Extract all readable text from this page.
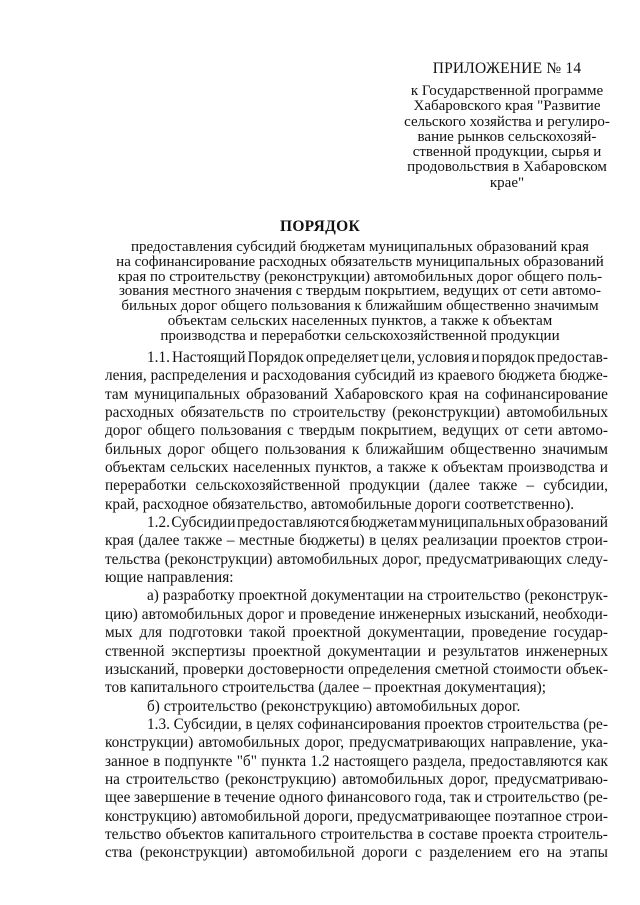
ПРИЛОЖЕНИЕ № 14

к Государственной программе

Хабаровского края "Развитие

сельского хозяйства и регулиро-

вание рынков сельскохозяй-

ственной продукции, сырья и

продовольствия в Хабаровском

крае"

ПОРЯДОК

предоставления субсидий бюджетам муниципальных образований края

на софинансирование расходных обязательств муниципальных образований

края по строительству (реконструкции) автомобильных дорог общего поль-

зования местного значения с твердым покрытием, ведущих от сети автомо-

бильных дорог общего пользования к ближайшим общественно значимым

объектам сельских населенных пунктов, а также к объектам

производства и переработки сельскохозяйственной продукции

1.1. Настоящий Порядок определяет цели, условия и порядок предостав-

ления, распределения и расходования субсидий из краевого бюджета бюдже-

там муниципальных образований Хабаровского края на софинансирование

расходных обязательств по строительству (реконструкции) автомобильных

дорог общего пользования с твердым покрытием, ведущих от сети автомо-

бильных дорог общего пользования к ближайшим общественно значимым

объектам сельских населенных пунктов, а также к объектам производства и

переработки сельскохозяйственной продукции (далее также – субсидии,

край, расходное обязательство, автомобильные дороги соответственно).

1.2. Субсидии предоставляются бюджетам муниципальных образований

края (далее также – местные бюджеты) в целях реализации проектов строи-

тельства (реконструкции) автомобильных дорог, предусматривающих следу-

ющие направления:

а) разработку проектной документации на строительство (реконструк-

цию) автомобильных дорог и проведение инженерных изысканий, необходи-

мых для подготовки такой проектной документации, проведение государ-

ственной экспертизы проектной документации и результатов инженерных

изысканий, проверки достоверности определения сметной стоимости объек-

тов капитального строительства (далее – проектная документация);

б) строительство (реконструкцию) автомобильных дорог.

1.3. Субсидии, в целях софинансирования проектов строительства (ре-

конструкции) автомобильных дорог, предусматривающих направление, ука-

занное в подпункте "б" пункта 1.2 настоящего раздела, предоставляются как

на строительство (реконструкцию) автомобильных дорог, предусматриваю-

щее завершение в течение одного финансового года, так и строительство (ре-

конструкцию) автомобильной дороги, предусматривающее поэтапное строи-

тельство объектов капитального строительства в составе проекта строитель-

ства (реконструкции) автомобильной дороги с разделением его на этапы
